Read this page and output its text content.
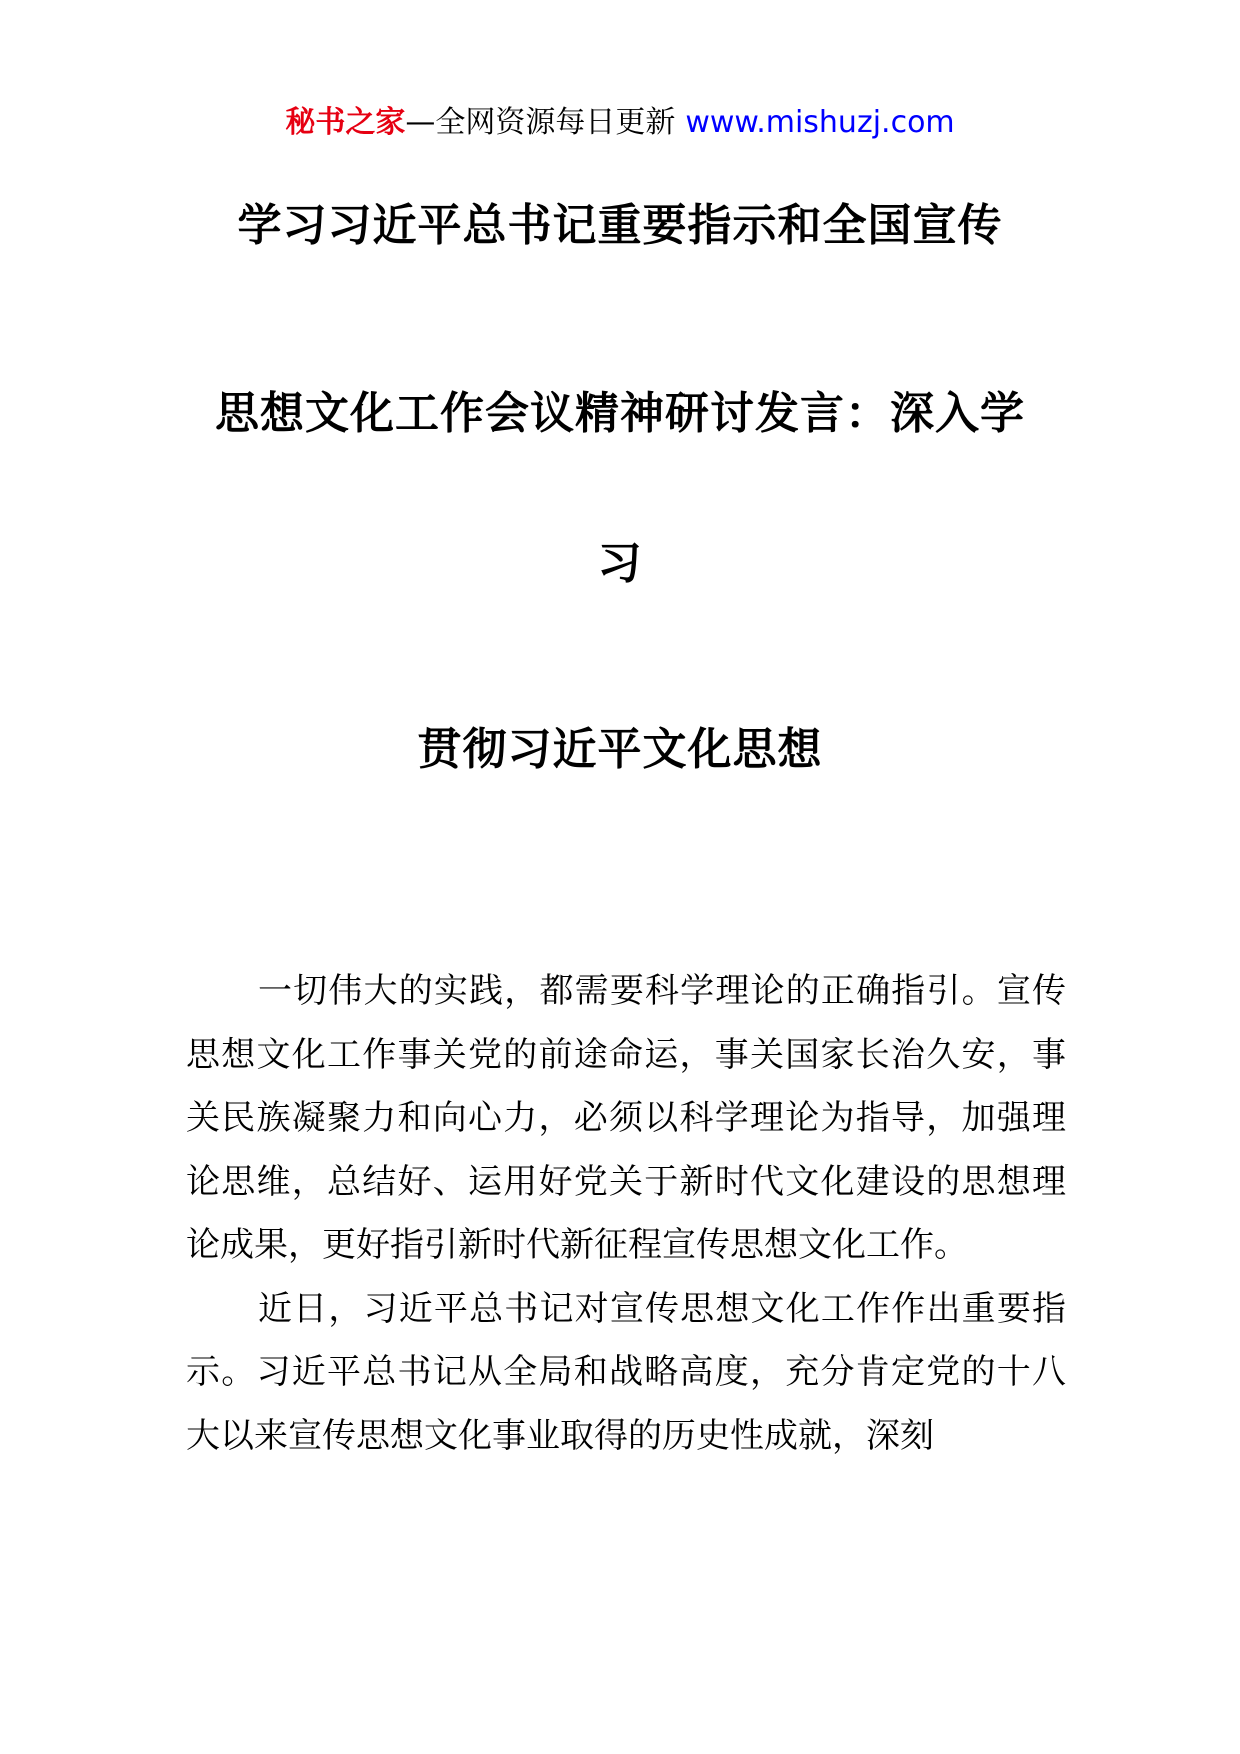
秘书之家—全网资源每日更新 www.mishuzj.com
学习习近平总书记重要指示和全国宣传
思想文化工作会议精神研讨发言：深入学
习
贯彻习近平文化思想

一切伟大的实践，都需要科学理论的正确指引。宣传思想文化工作事关党的前途命运，事关国家长治久安，事关民族凝聚力和向心力，必须以科学理论为指导，加强理论思维，总结好、运用好党关于新时代文化建设的思想理论成果，更好指引新时代新征程宣传思想文化工作。

近日，习近平总书记对宣传思想文化工作作出重要指示。习近平总书记从全局和战略高度，充分肯定党的十八大以来宣传思想文化事业取得的历史性成就，深刻
